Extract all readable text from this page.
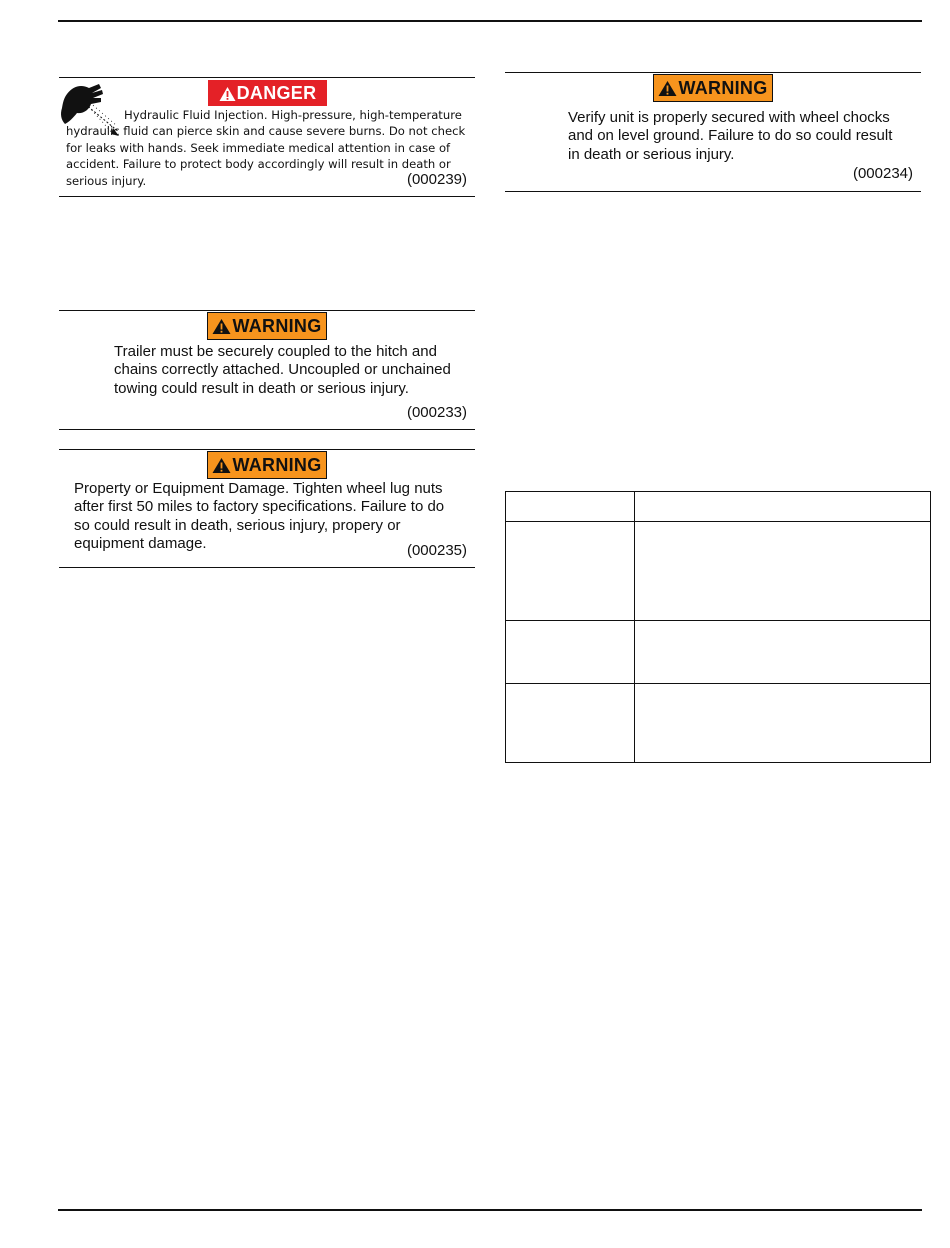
DANGER
Hydraulic Fluid Injection. High-pressure, high-temperature hydraulic fluid can pierce skin and cause severe burns. Do not check for leaks with hands. Seek immediate medical attention in case of accident. Failure to protect body accordingly will result in death or serious injury.	(000239)
WARNING
Trailer must be securely coupled to the hitch and chains correctly attached. Uncoupled or unchained towing could result in death or serious injury.
(000233)
WARNING
Property or Equipment Damage. Tighten wheel lug nuts after first 50 miles to factory specifications. Failure to do so could result in death, serious injury, propery or equipment damage.	(000235)
WARNING
Verify unit is properly secured with wheel chocks and on level ground. Failure to do so could result in death or serious injury.
(000234)
